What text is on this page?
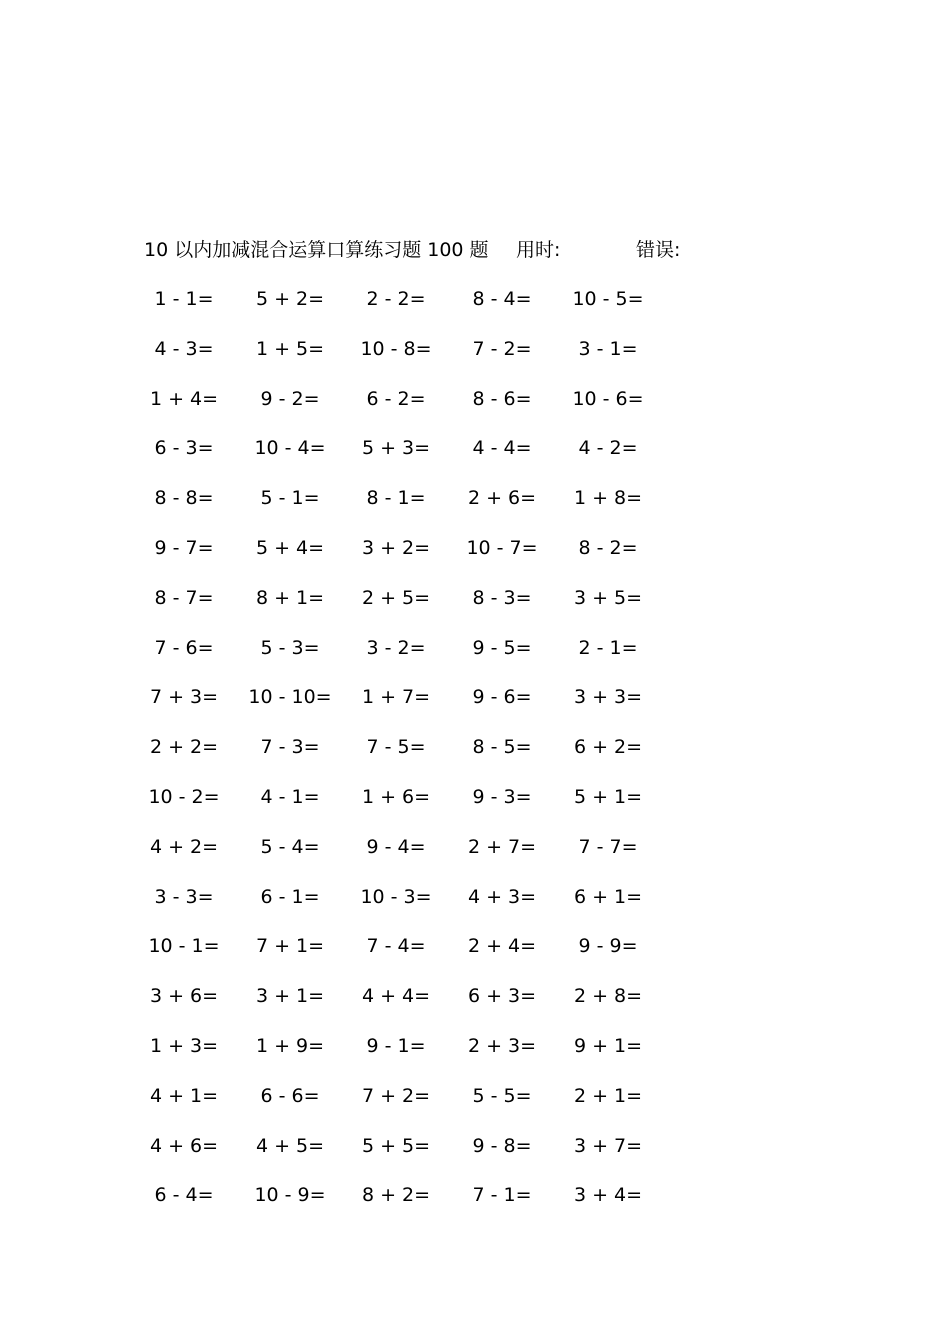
10 以内加减混合运算口算练习题 100 题 用时:	错误:
1 - 1=	5 + 2=	2 - 2=	8 - 4=	10 - 5=
4 - 3=	1 + 5=	10 - 8=	7 - 2=	3 - 1=
1 + 4=	9 - 2=	6 - 2=	8 - 6=	10 - 6=
6 - 3=	10 - 4=	5 + 3=	4 - 4=	4 - 2=
8 - 8=	5 - 1=	8 - 1=	2 + 6=	1 + 8=
9 - 7=	5 + 4=	3 + 2=	10 - 7=	8 - 2=
8 - 7=	8 + 1=	2 + 5=	8 - 3=	3 + 5=
7 - 6=	5 - 3=	3 - 2=	9 - 5=	2 - 1=
7 + 3=	10 - 10=	1 + 7=	9 - 6=	3 + 3=
2 + 2=	7 - 3=	7 - 5=	8 - 5=	6 + 2=
10 - 2=	4 - 1=	1 + 6=	9 - 3=	5 + 1=
4 + 2=	5 - 4=	9 - 4=	2 + 7=	7 - 7=
3 - 3=	6 - 1=	10 - 3=	4 + 3=	6 + 1=
10 - 1=	7 + 1=	7 - 4=	2 + 4=	9 - 9=
3 + 6=	3 + 1=	4 + 4=	6 + 3=	2 + 8=
1 + 3=	1 + 9=	9 - 1=	2 + 3=	9 + 1=
4 + 1=	6 - 6=	7 + 2=	5 - 5=	2 + 1=
4 + 6=	4 + 5=	5 + 5=	9 - 8=	3 + 7=
6 - 4=	10 - 9=	8 + 2=	7 - 1=	3 + 4=
